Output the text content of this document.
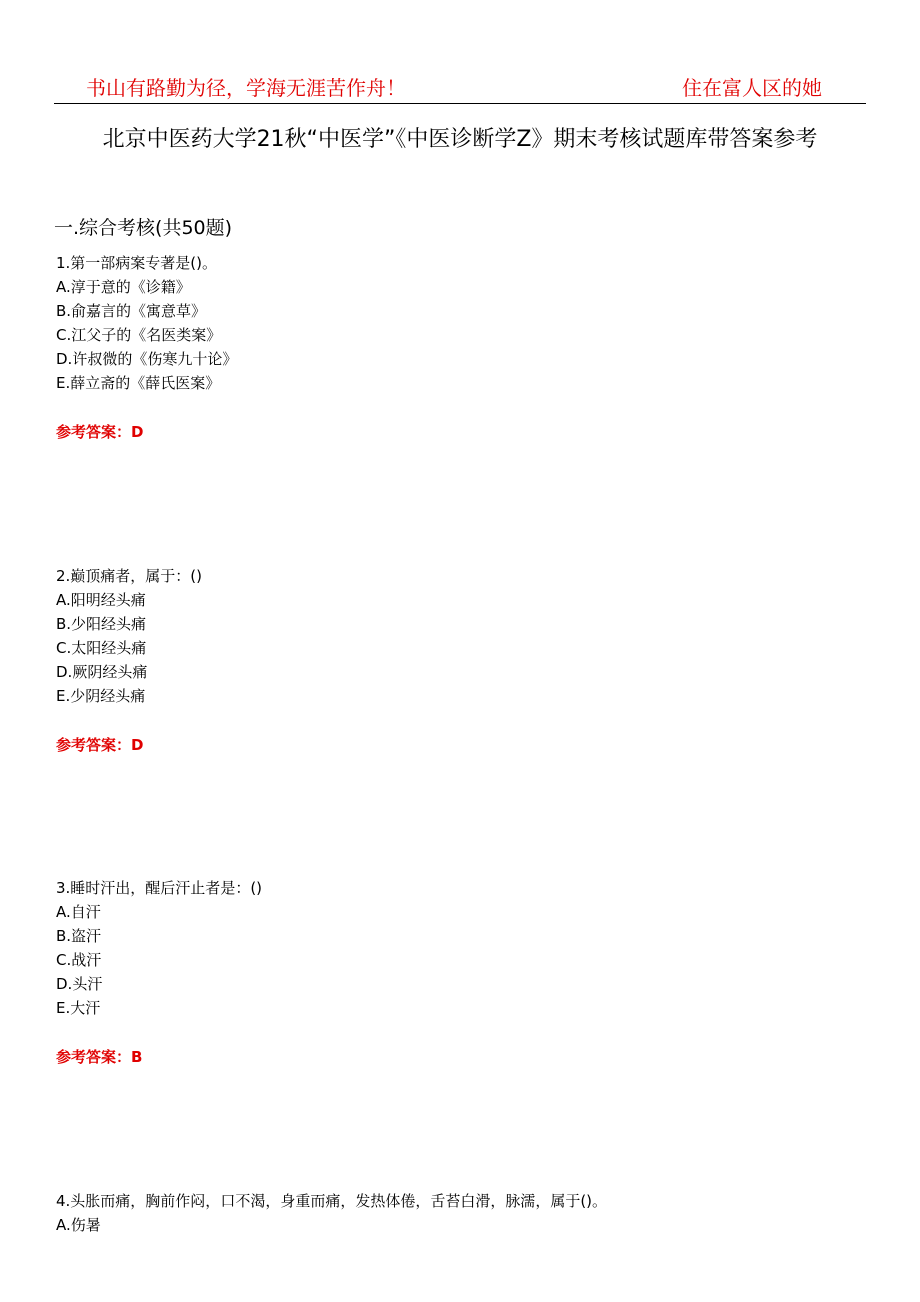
书山有路勤为径，学海无涯苦作舟！	住在富人区的她
北京中医药大学21秋“中医学”《中医诊断学Z》期末考核试题库带答案参考
一.综合考核(共50题)
1.第一部病案专著是()。
A.淳于意的《诊籍》
B.俞嘉言的《寓意草》
C.江父子的《名医类案》
D.许叔微的《伤寒九十论》
E.薛立斋的《薛氏医案》
参考答案：D
2.巅顶痛者，属于：()
A.阳明经头痛
B.少阳经头痛
C.太阳经头痛
D.厥阴经头痛
E.少阴经头痛
参考答案：D
3.睡时汗出，醒后汗止者是：()
A.自汗
B.盗汗
C.战汗
D.头汗
E.大汗
参考答案：B
4.头胀而痛，胸前作闷，口不渴，身重而痛，发热体倦，舌苔白滑，脉濡，属于()。
A.伤暑
